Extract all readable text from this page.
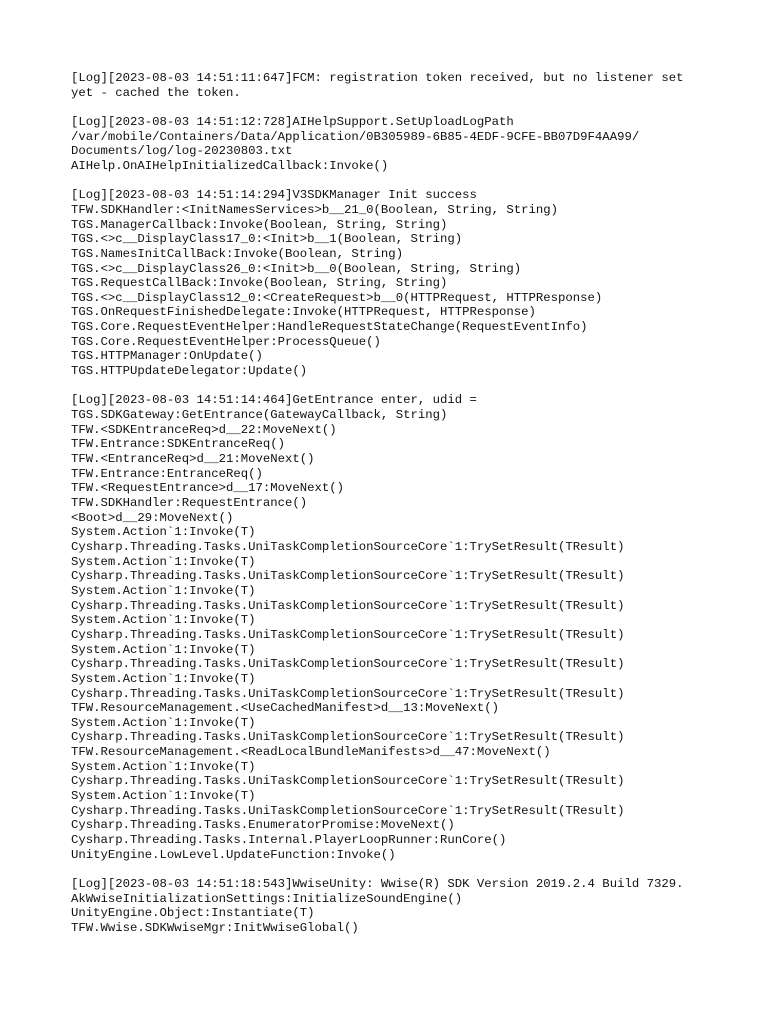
[Log][2023-08-03 14:51:11:647]FCM: registration token received, but no listener set
yet - cached the token.
[Log][2023-08-03 14:51:12:728]AIHelpSupport.SetUploadLogPath
/var/mobile/Containers/Data/Application/0B305989-6B85-4EDF-9CFE-BB07D9F4AA99/
Documents/log/log-20230803.txt
AIHelp.OnAIHelpInitializedCallback:Invoke()
[Log][2023-08-03 14:51:14:294]V3SDKManager Init success
TFW.SDKHandler:<InitNamesServices>b__21_0(Boolean, String, String)
TGS.ManagerCallback:Invoke(Boolean, String, String)
TGS.<>c__DisplayClass17_0:<Init>b__1(Boolean, String)
TGS.NamesInitCallBack:Invoke(Boolean, String)
TGS.<>c__DisplayClass26_0:<Init>b__0(Boolean, String, String)
TGS.RequestCallBack:Invoke(Boolean, String, String)
TGS.<>c__DisplayClass12_0:<CreateRequest>b__0(HTTPRequest, HTTPResponse)
TGS.OnRequestFinishedDelegate:Invoke(HTTPRequest, HTTPResponse)
TGS.Core.RequestEventHelper:HandleRequestStateChange(RequestEventInfo)
TGS.Core.RequestEventHelper:ProcessQueue()
TGS.HTTPManager:OnUpdate()
TGS.HTTPUpdateDelegator:Update()
[Log][2023-08-03 14:51:14:464]GetEntrance enter, udid =
TGS.SDKGateway:GetEntrance(GatewayCallback, String)
TFW.<SDKEntranceReq>d__22:MoveNext()
TFW.Entrance:SDKEntranceReq()
TFW.<EntranceReq>d__21:MoveNext()
TFW.Entrance:EntranceReq()
TFW.<RequestEntrance>d__17:MoveNext()
TFW.SDKHandler:RequestEntrance()
<Boot>d__29:MoveNext()
System.Action`1:Invoke(T)
Cysharp.Threading.Tasks.UniTaskCompletionSourceCore`1:TrySetResult(TResult)
System.Action`1:Invoke(T)
Cysharp.Threading.Tasks.UniTaskCompletionSourceCore`1:TrySetResult(TResult)
System.Action`1:Invoke(T)
Cysharp.Threading.Tasks.UniTaskCompletionSourceCore`1:TrySetResult(TResult)
System.Action`1:Invoke(T)
Cysharp.Threading.Tasks.UniTaskCompletionSourceCore`1:TrySetResult(TResult)
System.Action`1:Invoke(T)
Cysharp.Threading.Tasks.UniTaskCompletionSourceCore`1:TrySetResult(TResult)
System.Action`1:Invoke(T)
Cysharp.Threading.Tasks.UniTaskCompletionSourceCore`1:TrySetResult(TResult)
TFW.ResourceManagement.<UseCachedManifest>d__13:MoveNext()
System.Action`1:Invoke(T)
Cysharp.Threading.Tasks.UniTaskCompletionSourceCore`1:TrySetResult(TResult)
TFW.ResourceManagement.<ReadLocalBundleManifests>d__47:MoveNext()
System.Action`1:Invoke(T)
Cysharp.Threading.Tasks.UniTaskCompletionSourceCore`1:TrySetResult(TResult)
System.Action`1:Invoke(T)
Cysharp.Threading.Tasks.UniTaskCompletionSourceCore`1:TrySetResult(TResult)
Cysharp.Threading.Tasks.EnumeratorPromise:MoveNext()
Cysharp.Threading.Tasks.Internal.PlayerLoopRunner:RunCore()
UnityEngine.LowLevel.UpdateFunction:Invoke()
[Log][2023-08-03 14:51:18:543]WwiseUnity: Wwise(R) SDK Version 2019.2.4 Build 7329.
AkWwiseInitializationSettings:InitializeSoundEngine()
UnityEngine.Object:Instantiate(T)
TFW.Wwise.SDKWwiseMgr:InitWwiseGlobal()
